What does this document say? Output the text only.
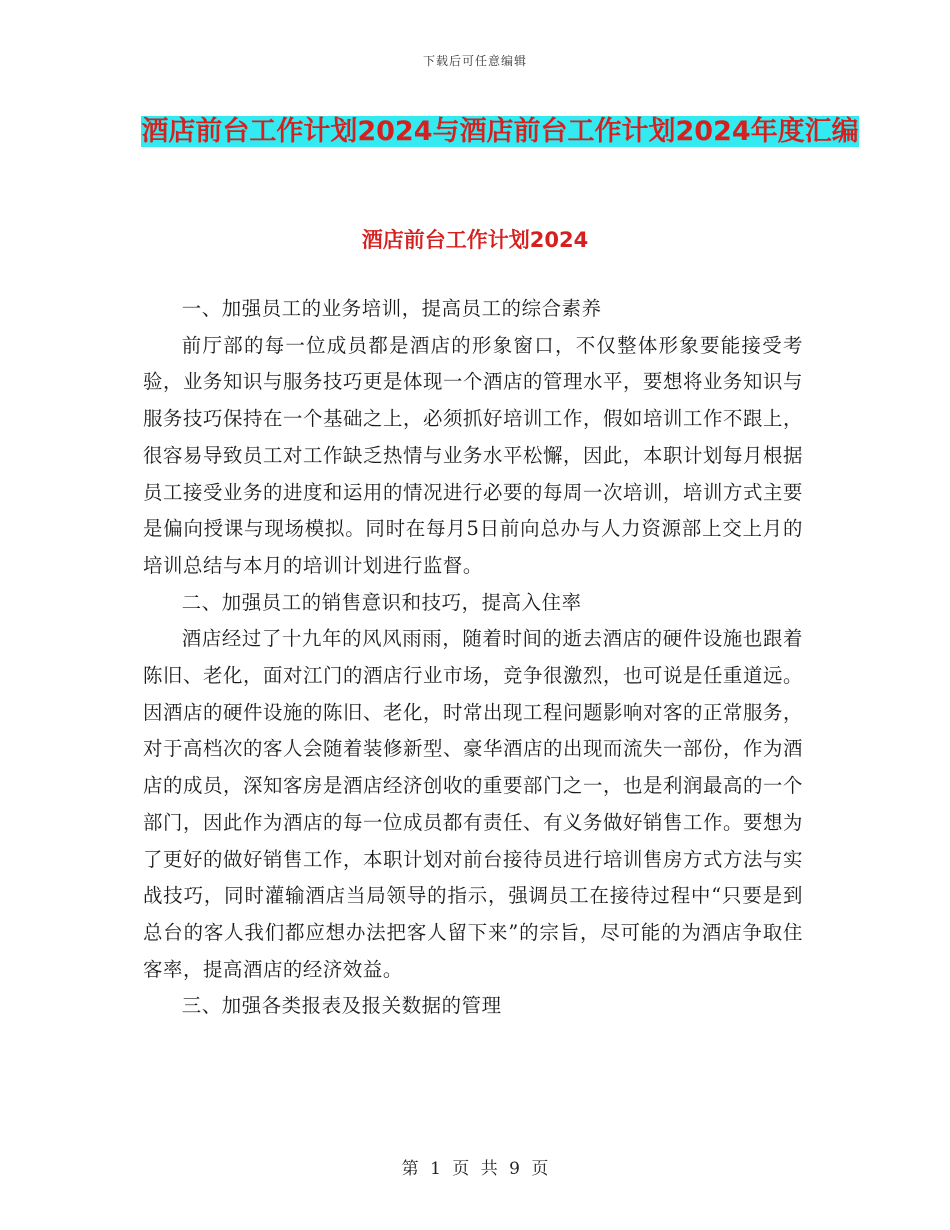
下载后可任意编辑
酒店前台工作计划2024与酒店前台工作计划2024年度汇编
酒店前台工作计划2024

一、加强员工的业务培训，提高员工的综合素养

前厅部的每一位成员都是酒店的形象窗口，不仅整体形象要能接受考验，业务知识与服务技巧更是体现一个酒店的管理水平，要想将业务知识与服务技巧保持在一个基础之上，必须抓好培训工作，假如培训工作不跟上，很容易导致员工对工作缺乏热情与业务水平松懈，因此，本职计划每月根据员工接受业务的进度和运用的情况进行必要的每周一次培训，培训方式主要是偏向授课与现场模拟。同时在每月5日前向总办与人力资源部上交上月的培训总结与本月的培训计划进行监督。

二、加强员工的销售意识和技巧，提高入住率

酒店经过了十九年的风风雨雨，随着时间的逝去酒店的硬件设施也跟着陈旧、老化，面对江门的酒店行业市场，竞争很激烈，也可说是任重道远。因酒店的硬件设施的陈旧、老化，时常出现工程问题影响对客的正常服务，对于高档次的客人会随着装修新型、豪华酒店的出现而流失一部份，作为酒店的成员，深知客房是酒店经济创收的重要部门之一，也是利润最高的一个部门，因此作为酒店的每一位成员都有责任、有义务做好销售工作。要想为了更好的做好销售工作，本职计划对前台接待员进行培训售房方式方法与实战技巧，同时灌输酒店当局领导的指示，强调员工在接待过程中“只要是到总台的客人我们都应想办法把客人留下来”的宗旨，尽可能的为酒店争取住客率，提高酒店的经济效益。

三、加强各类报表及报关数据的管理

第 1 页 共 9 页
